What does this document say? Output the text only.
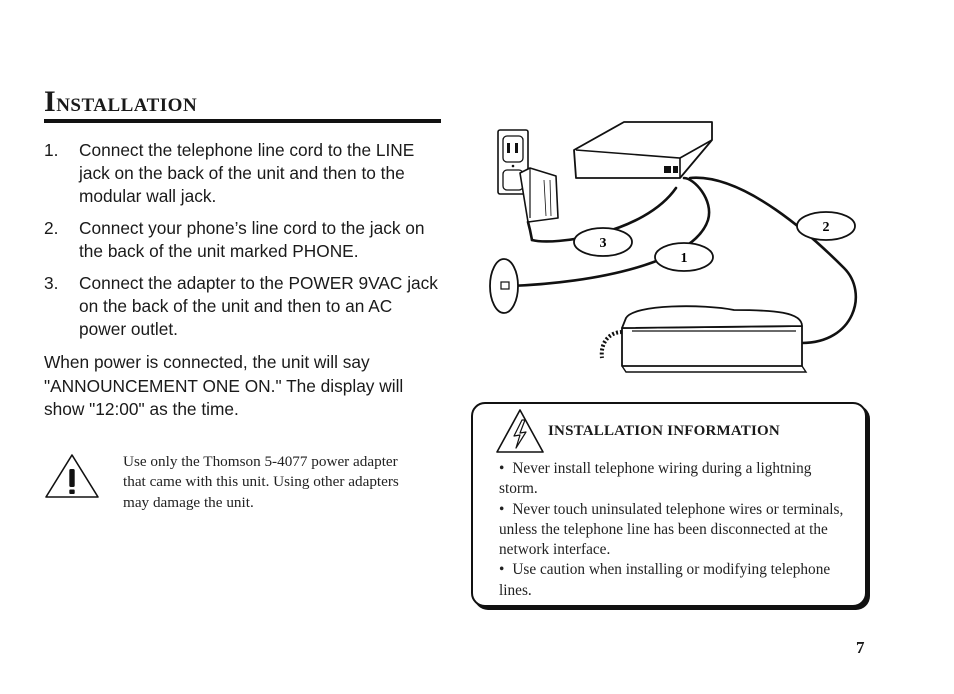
INSTALLATION
1. Connect the telephone line cord to the LINE jack on the back of the unit and then to the modular wall jack.
2. Connect your phone’s line cord to the jack on the back of the unit marked PHONE.
3. Connect the adapter to the POWER 9VAC jack on the back of the unit and then to an AC power outlet.

When power is connected, the unit will say "ANNOUNCEMENT ONE ON." The display will show "12:00" as the time.

Use only the Thomson 5-4077 power adapter that came with this unit. Using other adapters may damage the unit.

2
3
1
INSTALLATION INFORMATION
• Never install telephone wiring during a lightning storm.
• Never touch uninsulated telephone wires or terminals, unless the telephone line has been disconnected at the network interface.
• Use caution when installing or modifying telephone lines.
7
